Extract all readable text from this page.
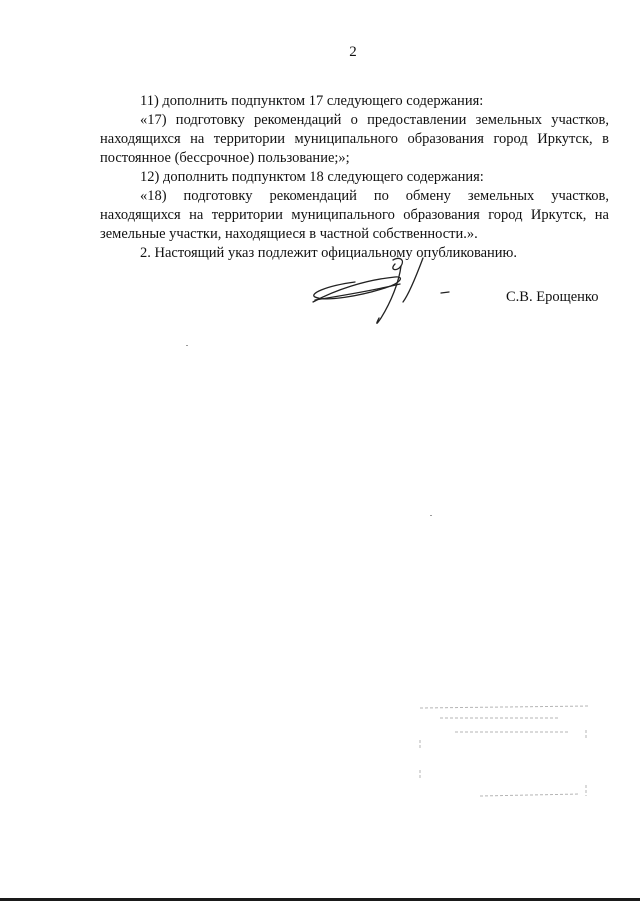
2

11) дополнить подпунктом 17 следующего содержания:

«17) подготовку рекомендаций о предоставлении земельных участков, находящихся на территории муниципального образования город Иркутск, в постоянное (бессрочное) пользование;»;

12) дополнить подпунктом 18 следующего содержания:

«18) подготовку рекомендаций по обмену земельных участков, находящихся на территории муниципального образования город Иркутск, на земельные участки, находящиеся в частной собственности.».

2. Настоящий указ подлежит официальному опубликованию.

С.В. Ерощенко
